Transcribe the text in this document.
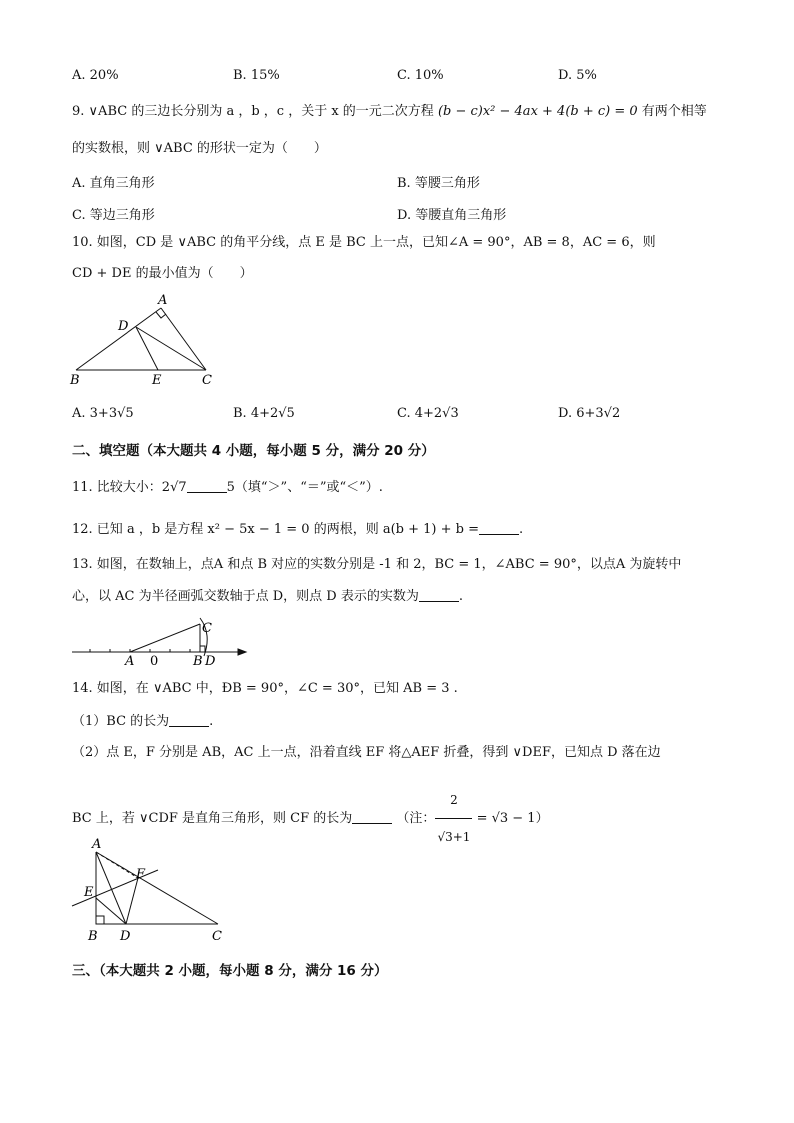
A. 20%	B. 15%	C. 10%	D. 5%
9. ∨ABC 的三边长分别为 a ，b ，c ，关于 x 的一元二次方程 (b − c)x² − 4ax + 4(b + c) = 0 有两个相等
的实数根，则 ∨ABC 的形状一定为（　　）
A. 直角三角形	B. 等腰三角形
C. 等边三角形	D. 等腰直角三角形
10. 如图，CD 是 ∨ABC 的角平分线，点 E 是 BC 上一点，已知∠A = 90°，AB = 8，AC = 6，则
CD + DE 的最小值为（　　）
A
D
B	E	C
A. 3+3√5	B. 4+2√5	C. 4+2√3	D. 6+3√2
二、填空题（本大题共 4 小题，每小题 5 分，满分 20 分）
11. 比较大小：2√7	5（填“＞”、“＝”或“＜”）.
12. 已知 a ，b 是方程 x² − 5x − 1 = 0 的两根，则 a(b + 1) + b =	.
13. 如图，在数轴上，点A 和点 B 对应的实数分别是 -1 和 2，BC = 1，∠ABC = 90°，以点A 为旋转中
心，以 AC 为半径画弧交数轴于点 D，则点 D 表示的实数为	.
A 0	B
C
D
14. 如图，在 ∨ABC 中，ÐB = 90°，∠C = 30°，已知 AB = 3 .
（1）BC 的长为	.
（2）点 E，F 分别是 AB，AC 上一点，沿着直线 EF 将△AEF 折叠，得到 ∨DEF，已知点 D 落在边
BC 上，若 ∨CDF 是直角三角形，则 CF 的长为	（注： $\frac{2}{√3+1} = √3 - 1$）
A
E
F
B D	C
三、（本大题共 2 小题，每小题 8 分，满分 16 分）
